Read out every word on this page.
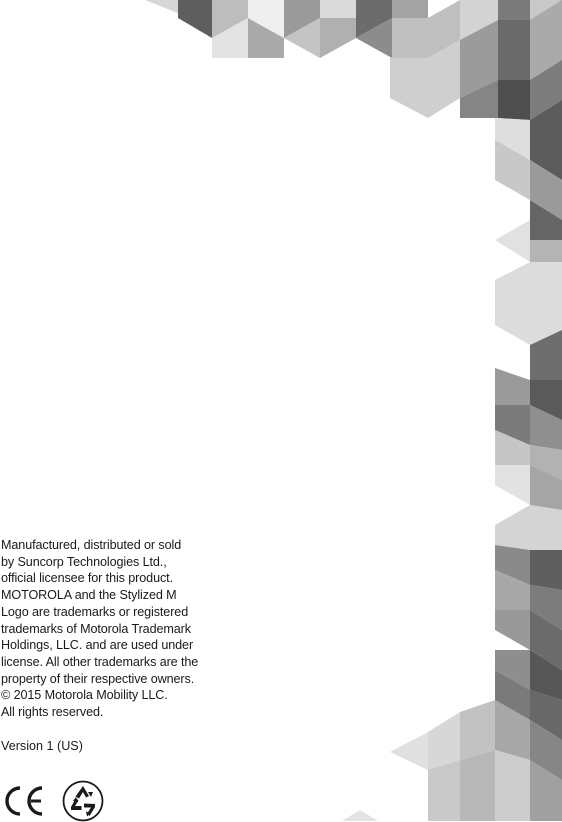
Manufactured, distributed or sold
by Suncorp Technologies Ltd.,
official licensee for this product.
MOTOROLA and the Stylized M
Logo are trademarks or registered
trademarks of Motorola Trademark
Holdings, LLC. and are used under
license. All other trademarks are the
property of their respective owners.
© 2015 Motorola Mobility LLC.
All rights reserved.
Version 1 (US)
